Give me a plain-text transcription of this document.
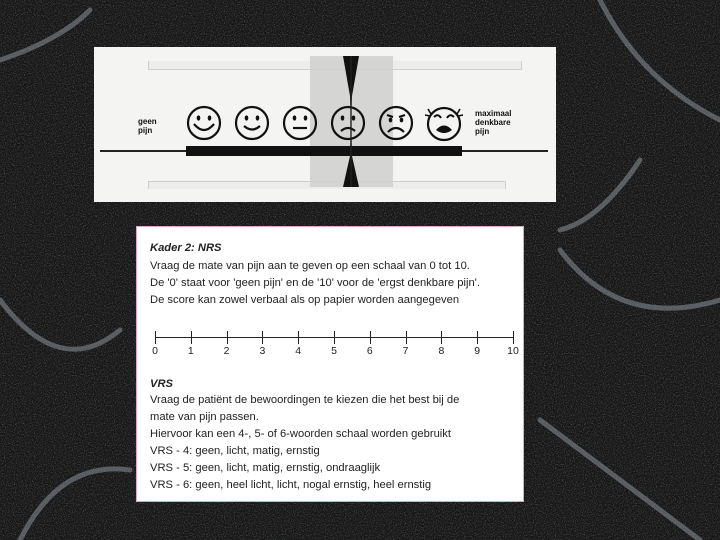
geen
pijn
maximaal
denkbare
pijn
Kader 2: NRS
Vraag de mate van pijn aan te geven op een schaal van 0 tot 10.
De '0' staat voor 'geen pijn' en de '10' voor de 'ergst denkbare pijn'.
De score kan zowel verbaal als op papier worden aangegeven
VRS
Vraag de patiënt de bewoordingen te kiezen die het best bij de
mate van pijn passen.
Hiervoor kan een 4-, 5- of 6-woorden schaal worden gebruikt
VRS - 4: geen, licht, matig, ernstig
VRS - 5: geen, licht, matig, ernstig, ondraaglijk
VRS - 6: geen, heel licht, licht, nogal ernstig, heel ernstig
0	1	2	3	4	5	6	7	8	9	10
